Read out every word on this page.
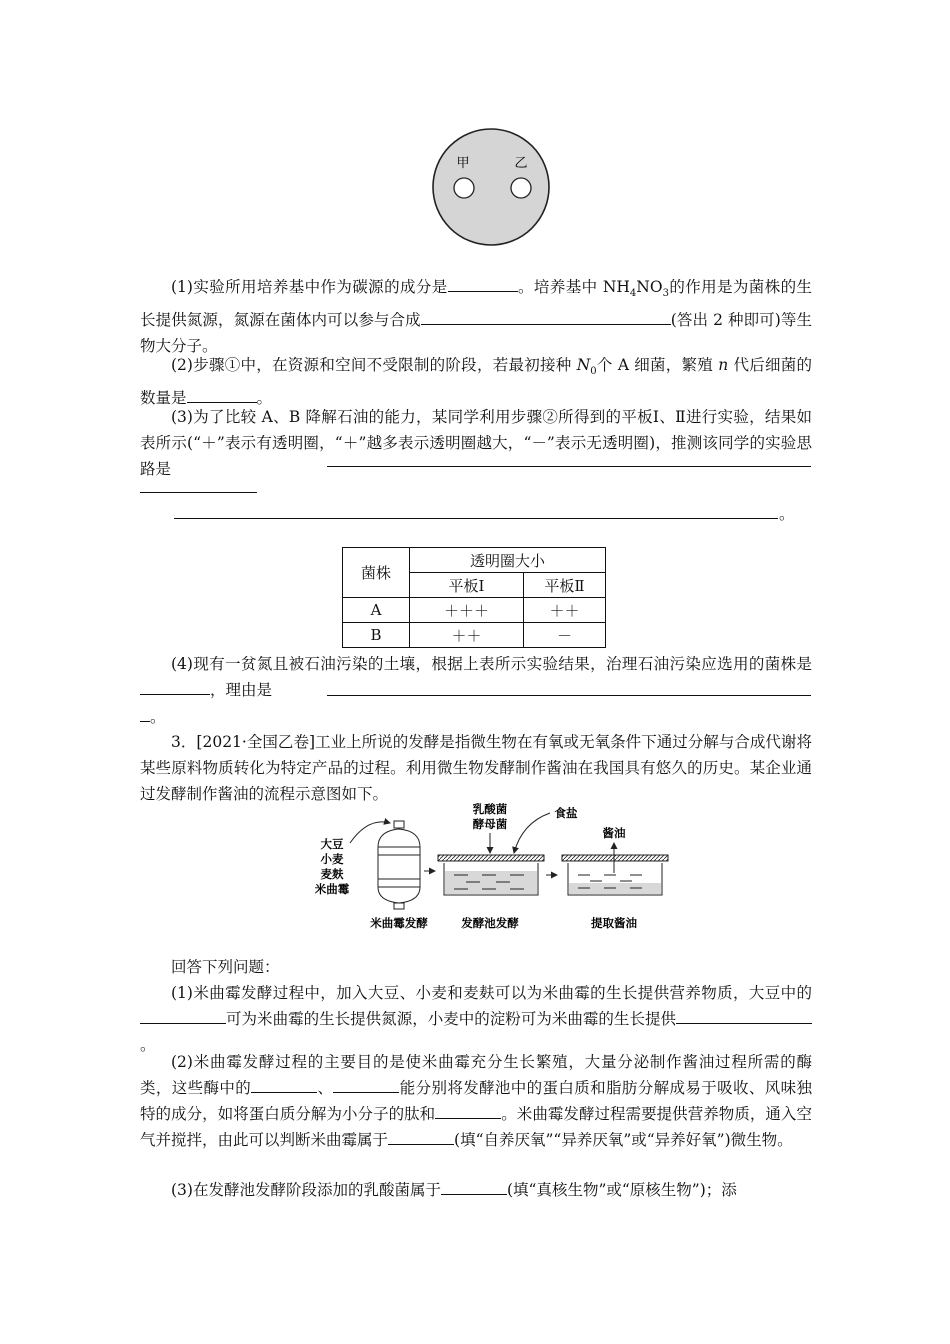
甲	乙
(1)实验所用培养基中作为碳源的成分是	。培养基中 $NH_4NO_3$的作用是为菌株的生长提供氮源，氮源在菌体内可以参与合成	(答出 2 种即可)等生物大分子。
(2)步骤①中，在资源和空间不受限制的阶段，若最初接种 $N_0$个 A 细菌，繁殖 n 代后细菌的数量是	。
(3)为了比较 A、B 降解石油的能力，某同学利用步骤②所得到的平板Ⅰ、Ⅱ进行实验，结果如表所示(“＋”表示有透明圈，“＋”越多表示透明圈越大，“－”表示无透明圈)，推测该同学的实验思路是
。
菌株	透明圈大小	
	平板Ⅰ	平板Ⅱ
A	＋＋＋	＋＋
B	＋＋	－
(4)现有一贫氮且被石油污染的土壤，根据上表所示实验结果，治理石油污染应选用的菌株是，理由是
。
3．[2021·全国乙卷]工业上所说的发酵是指微生物在有氧或无氧条件下通过分解与合成代谢将某些原料物质转化为特定产品的过程。利用微生物发酵制作酱油在我国具有悠久的历史。某企业通过发酵制作酱油的流程示意图如下。
大豆
小麦
麦麸
米曲霉
米曲霉发酵
乳酸菌
酵母菌
食盐
发酵池发酵
酱油
提取酱油
回答下列问题：
(1)米曲霉发酵过程中，加入大豆、小麦和麦麸可以为米曲霉的生长提供营养物质，大豆中的可为米曲霉的生长提供氮源，小麦中的淀粉可为米曲霉的生长提供。
(2)米曲霉发酵过程的主要目的是使米曲霉充分生长繁殖，大量分泌制作酱油过程所需的酶类，这些酶中的	、	能分别将发酵池中的蛋白质和脂肪分解成易于吸收、风味独特的成分，如将蛋白质分解为小分子的肽和	。米曲霉发酵过程需要提供营养物质，通入空气并搅拌，由此可以判断米曲霉属于	(填“自养厌氧”“异养厌氧”或“异养好氧”)微生物。
(3)在发酵池发酵阶段添加的乳酸菌属于	(填“真核生物”或“原核生物”)；添
